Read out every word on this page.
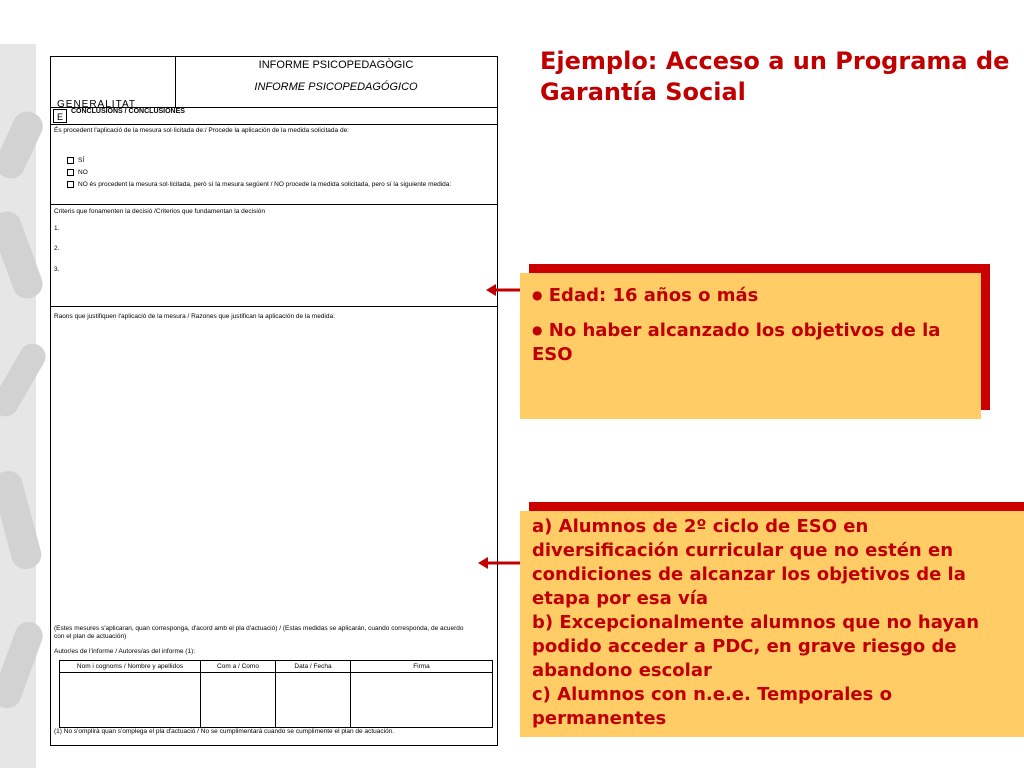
GENERALITAT
INFORME PSICOPEDAGÒGIC
INFORME PSICOPEDAGÓGICO
E
CONCLUSIONS / CONCLUSIONES
És procedent l'aplicació de la mesura sol·licitada de:/ Procede la aplicación de la medida solicitada de:
SÍ
NO
NO és procedent la mesura sol·licitada, però sí la mesura següent / NO procede la medida solicitada, pero sí la siguiente medida:
Criteris que fonamenten la decisió /Criterios que fundamentan la decisión
1.
2.
3.
Raons que justifiquen l'aplicació de la mesura / Razones que justifican la aplicación de la medida:
(Estes mesures s'aplicaran, quan corresponga, d'acord amb el pla d'actuació) / (Estas medidas se aplicarán, cuando corresponda, de acuerdo
con el plan de actuación)
Autor/es de l'informe / Autores/as del informe (1):
(1) No s'omplirà quan s'omplega el pla d'actuació / No se cumplimentará cuando se cumplimente el plan de actuación.
Nom i cognoms / Nombre y apellidos	Com a / Como	Data / Fecha	Firma
Ejemplo: Acceso a un Programa de Garantía Social
● Edad: 16 años o más
● No haber alcanzado los objetivos de la ESO
a) Alumnos de 2º ciclo de ESO en diversificación curricular que no estén en condiciones de alcanzar los objetivos de la etapa por esa vía
b) Excepcionalmente alumnos que no hayan podido acceder a PDC, en grave riesgo de abandono escolar
c) Alumnos con n.e.e. Temporales o permanentes
